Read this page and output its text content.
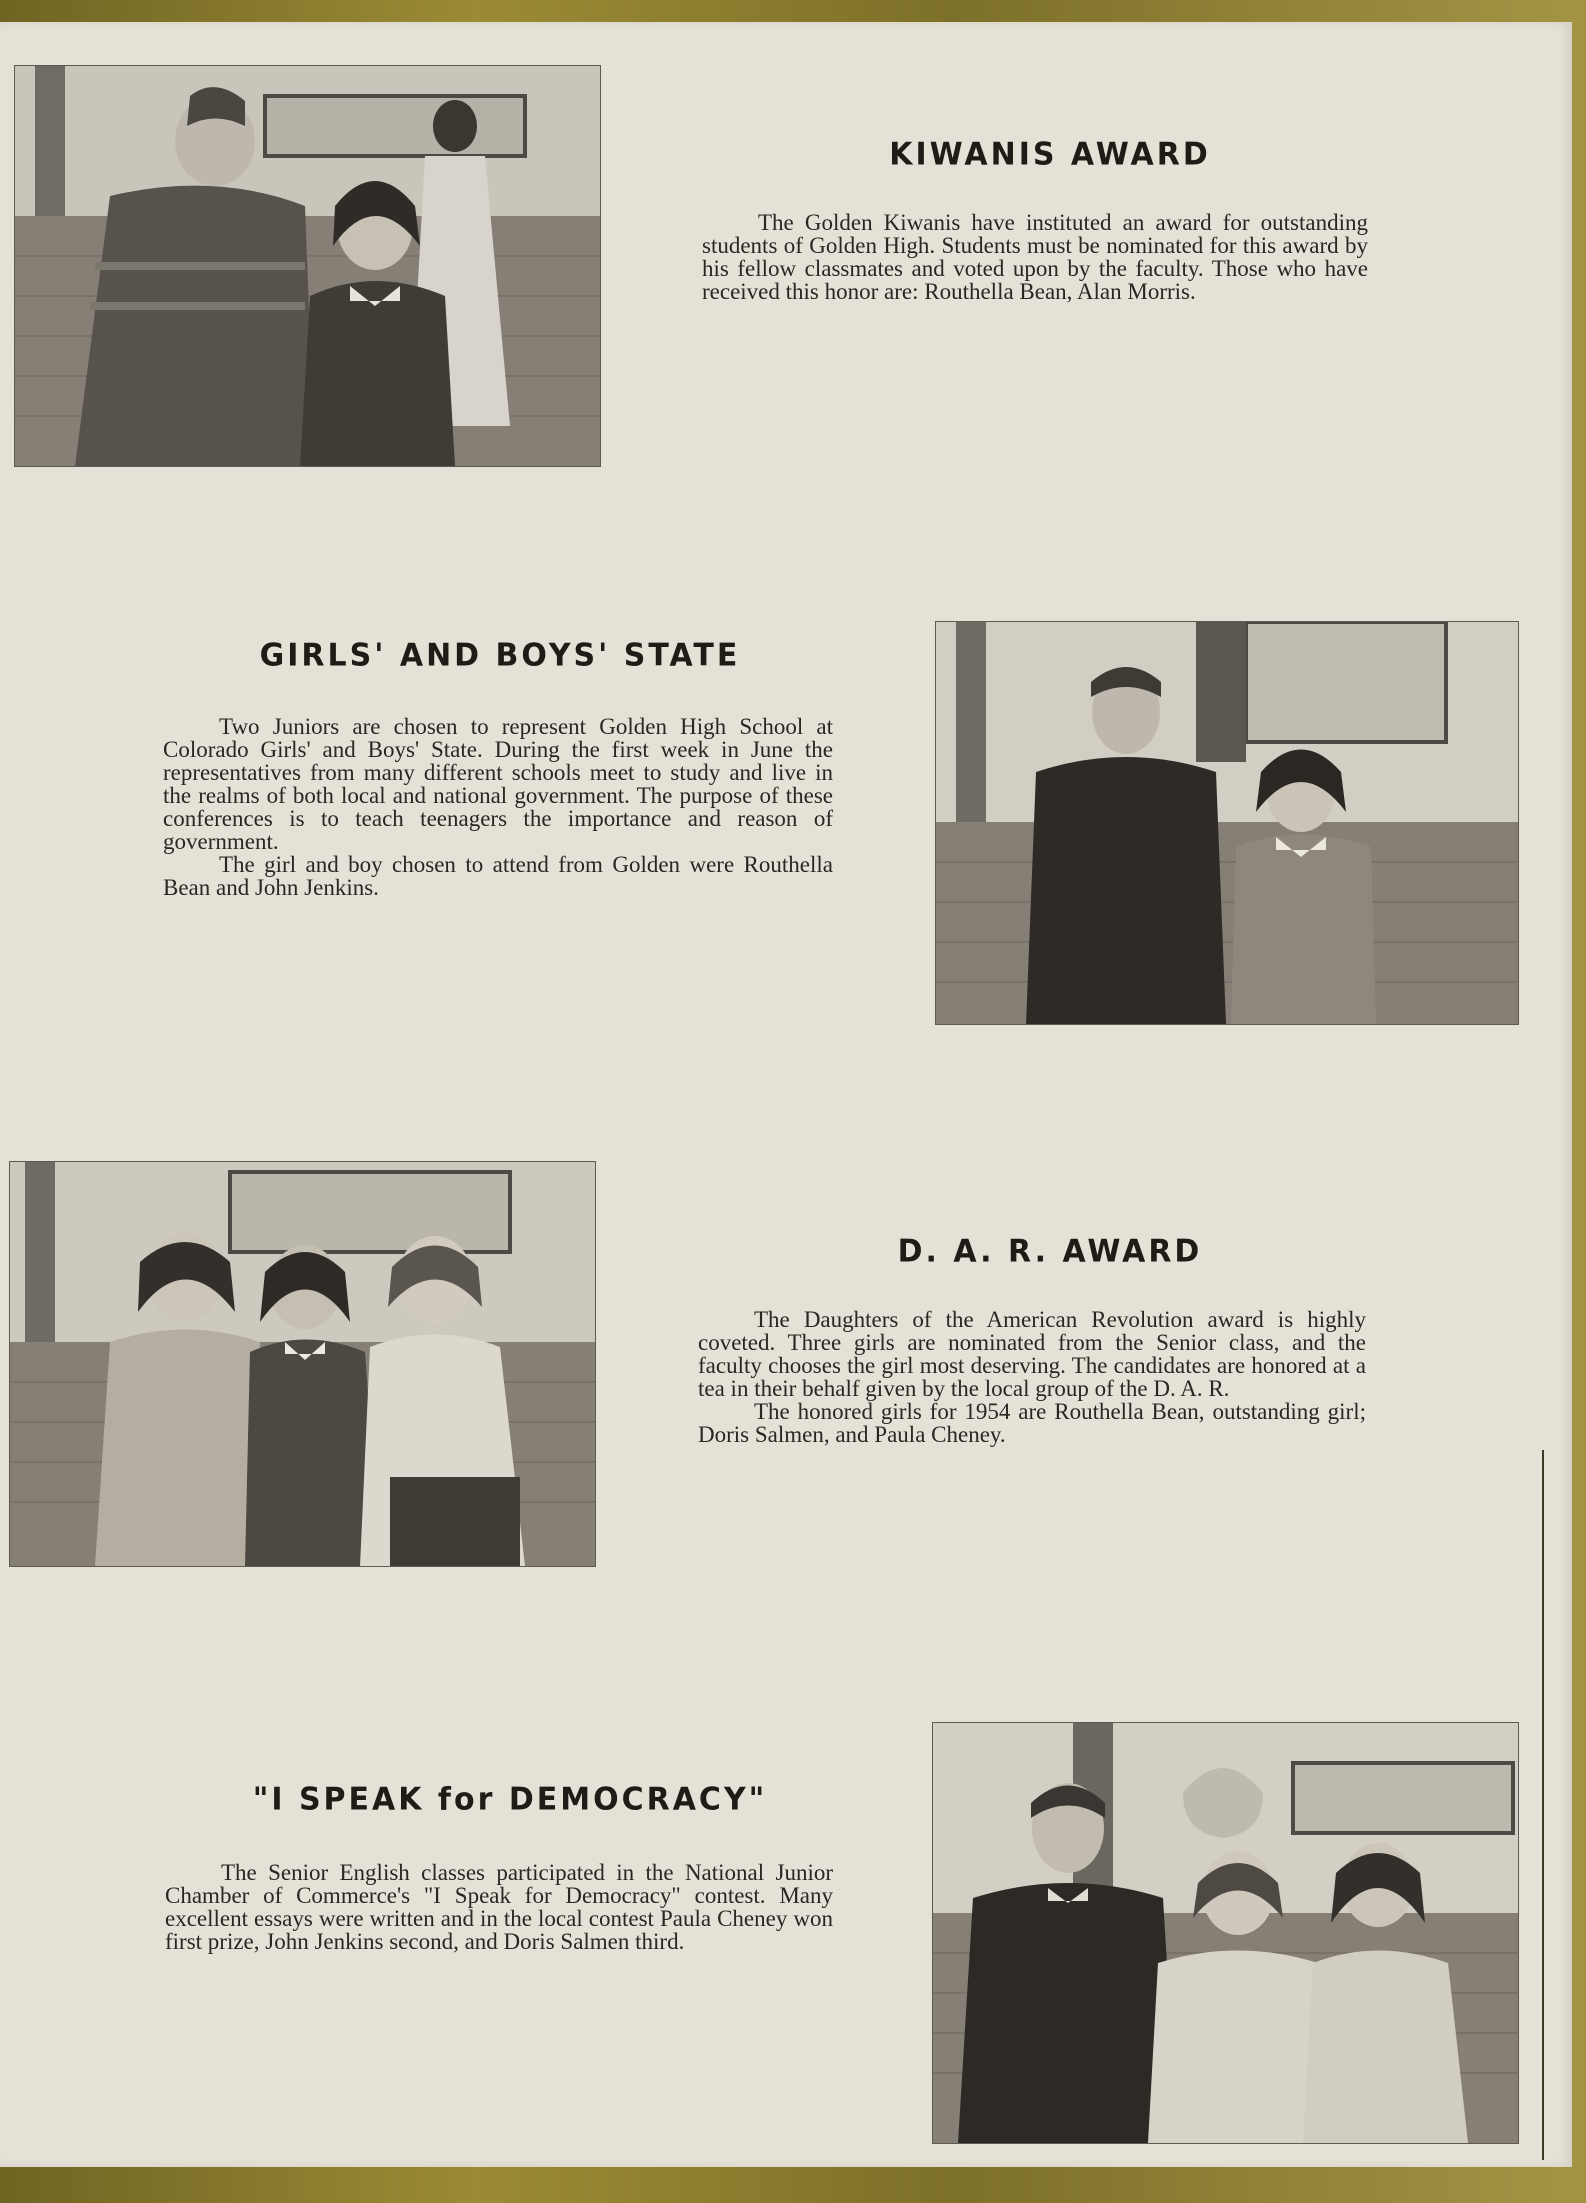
KIWANIS AWARD

The Golden Kiwanis have instituted an award for outstanding students of Golden High. Students must be nominated for this award by his fellow classmates and voted upon by the faculty. Those who have received this honor are: Routhella Bean, Alan Morris.

GIRLS' AND BOYS' STATE

Two Juniors are chosen to represent Golden High School at Colorado Girls' and Boys' State. During the first week in June the representatives from many different schools meet to study and live in the realms of both local and national government. The purpose of these conferences is to teach teenagers the importance and reason of government.

The girl and boy chosen to attend from Golden were Routhella Bean and John Jenkins.

D. A. R. AWARD

The Daughters of the American Revolution award is highly coveted. Three girls are nominated from the Senior class, and the faculty chooses the girl most deserving. The candidates are honored at a tea in their behalf given by the local group of the D. A. R.

The honored girls for 1954 are Routhella Bean, outstanding girl; Doris Salmen, and Paula Cheney.

"I SPEAK for DEMOCRACY"

The Senior English classes participated in the National Junior Chamber of Commerce's "I Speak for Democracy" contest. Many excellent essays were written and in the local contest Paula Cheney won first prize, John Jenkins second, and Doris Salmen third.
